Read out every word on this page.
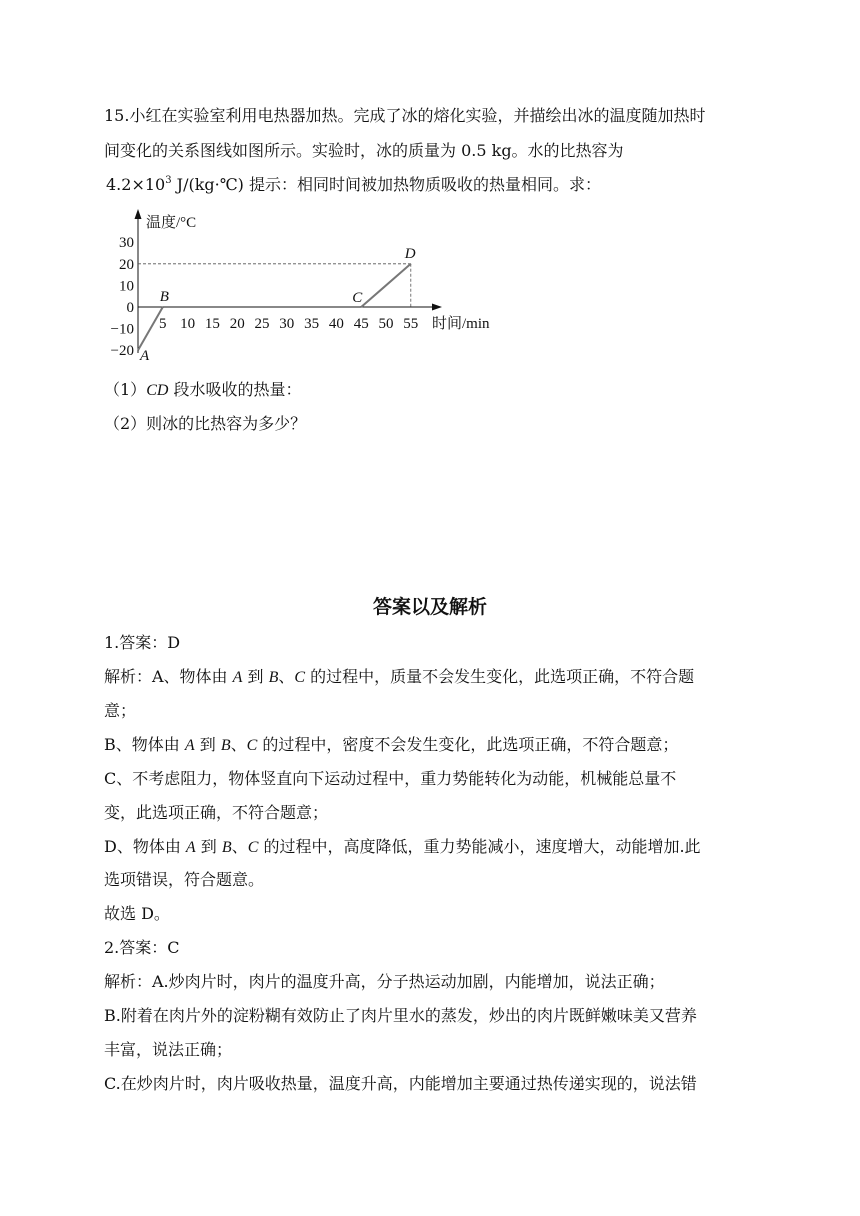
15.小红在实验室利用电热器加热。完成了冰的熔化实验，并描绘出冰的温度随加热时
间变化的关系图线如图所示。实验时，冰的质量为 0.5 kg。水的比热容为
$4.2\times 10^3$ J/(kg·℃) 提示：相同时间被加热物质吸收的热量相同。求：
温度/°C
时间/min
30
20
10
0
−10
−20
5 10 15 20 25 30 35 40 45 50 55
A
B	C
D
（1）CD 段水吸收的热量：
（2）则冰的比热容为多少？
答案以及解析
1.答案：D
解析：A、物体由 A 到 B、C 的过程中，质量不会发生变化，此选项正确，不符合题
意；
B、物体由 A 到 B、C 的过程中，密度不会发生变化，此选项正确，不符合题意；
C、不考虑阻力，物体竖直向下运动过程中，重力势能转化为动能，机械能总量不
变，此选项正确，不符合题意；
D、物体由 A 到 B、C 的过程中，高度降低，重力势能减小，速度增大，动能增加.此
选项错误，符合题意。
故选 D。
2.答案：C
解析：A.炒肉片时，肉片的温度升高，分子热运动加剧，内能增加，说法正确；
B.附着在肉片外的淀粉糊有效防止了肉片里水的蒸发，炒出的肉片既鲜嫩味美又营养
丰富，说法正确；
C.在炒肉片时，肉片吸收热量，温度升高，内能增加主要通过热传递实现的，说法错
